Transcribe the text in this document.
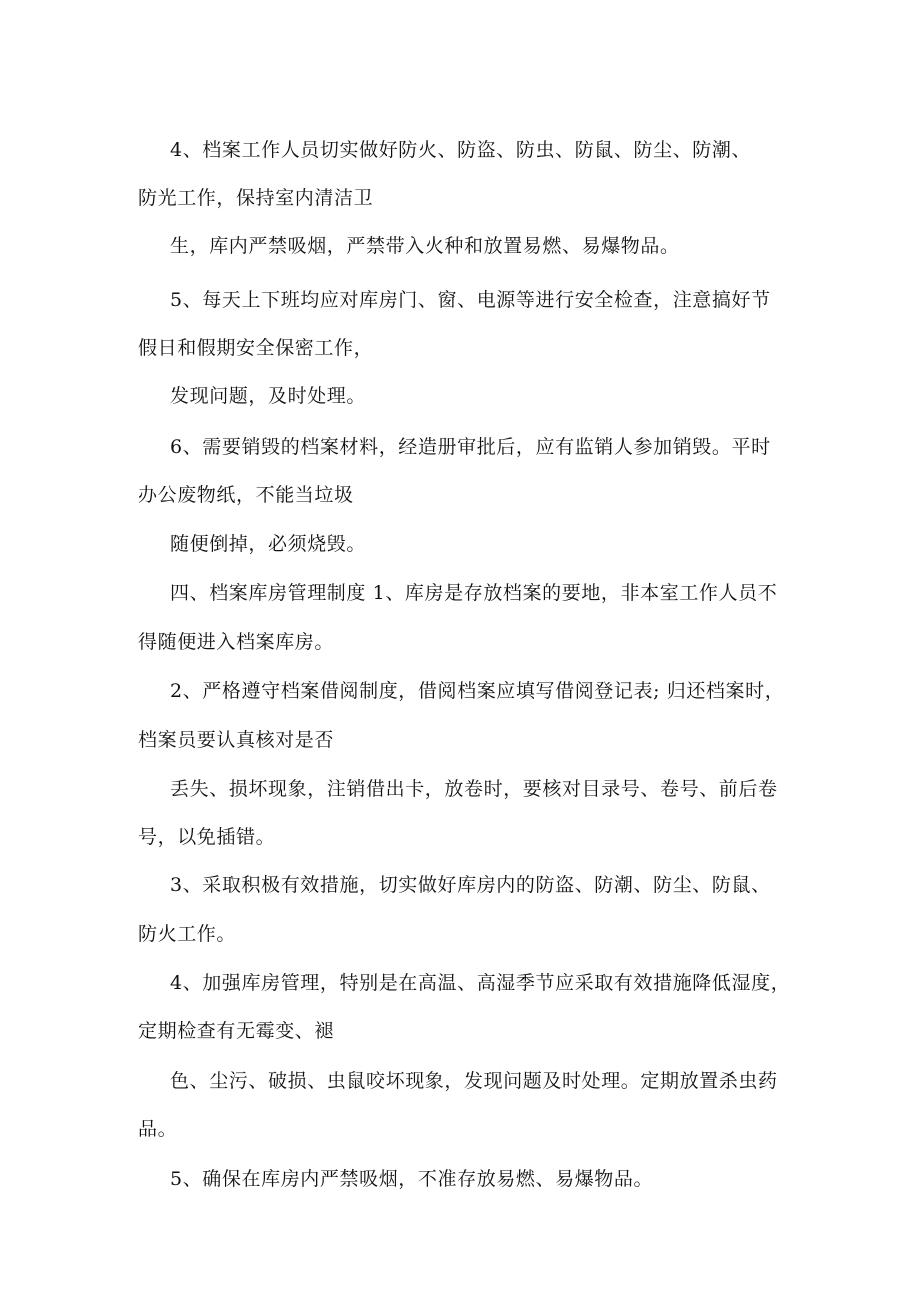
4、档案工作人员切实做好防火、防盗、防虫、防鼠、防尘、防潮、
防光工作，保持室内清洁卫
生，库内严禁吸烟，严禁带入火种和放置易燃、易爆物品。
5、每天上下班均应对库房门、窗、电源等进行安全检查，注意搞好节
假日和假期安全保密工作，
发现问题，及时处理。
6、需要销毁的档案材料，经造册审批后，应有监销人参加销毁。平时
办公废物纸，不能当垃圾
随便倒掉，必须烧毁。
四、档案库房管理制度 1、库房是存放档案的要地，非本室工作人员不
得随便进入档案库房。
2、严格遵守档案借阅制度，借阅档案应填写借阅登记表; 归还档案时，
档案员要认真核对是否
丢失、损坏现象，注销借出卡，放卷时，要核对目录号、卷号、前后卷
号，以免插错。
3、采取积极有效措施，切实做好库房内的防盗、防潮、防尘、防鼠、
防火工作。
4、加强库房管理，特别是在高温、高湿季节应采取有效措施降低湿度，
定期检查有无霉变、褪
色、尘污、破损、虫鼠咬坏现象，发现问题及时处理。定期放置杀虫药
品。
5、确保在库房内严禁吸烟，不准存放易燃、易爆物品。
